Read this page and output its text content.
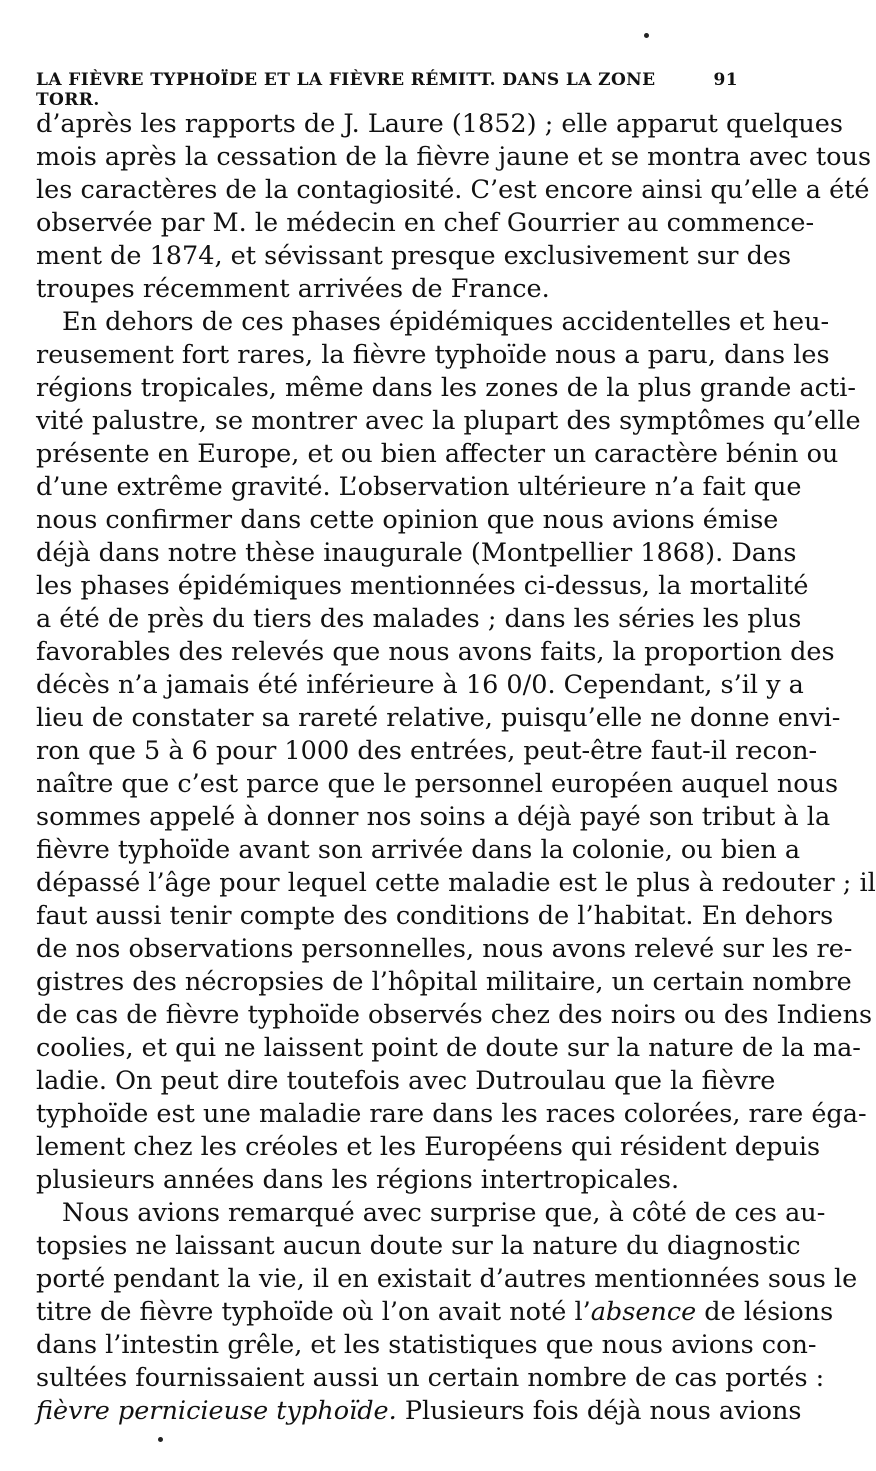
LA FIÈVRE TYPHOÏDE ET LA FIÈVRE RÉMITT. DANS LA ZONE TORR.
91
d’après les rapports de J. Laure (1852) ; elle apparut quelques
mois après la cessation de la fièvre jaune et se montra avec tous
les caractères de la contagiosité. C’est encore ainsi qu’elle a été
observée par M. le médecin en chef Gourrier au commence-
ment de 1874, et sévissant presque exclusivement sur des
troupes récemment arrivées de France.
En dehors de ces phases épidémiques accidentelles et heu-
reusement fort rares, la fièvre typhoïde nous a paru, dans les
régions tropicales, même dans les zones de la plus grande acti-
vité palustre, se montrer avec la plupart des symptômes qu’elle
présente en Europe, et ou bien affecter un caractère bénin ou
d’une extrême gravité. L’observation ultérieure n’a fait que
nous confirmer dans cette opinion que nous avions émise
déjà dans notre thèse inaugurale (Montpellier 1868). Dans
les phases épidémiques mentionnées ci-dessus, la mortalité
a été de près du tiers des malades ; dans les séries les plus
favorables des relevés que nous avons faits, la proportion des
décès n’a jamais été inférieure à 16 0/0. Cependant, s’il y a
lieu de constater sa rareté relative, puisqu’elle ne donne envi-
ron que 5 à 6 pour 1000 des entrées, peut-être faut-il recon-
naître que c’est parce que le personnel européen auquel nous
sommes appelé à donner nos soins a déjà payé son tribut à la
fièvre typhoïde avant son arrivée dans la colonie, ou bien a
dépassé l’âge pour lequel cette maladie est le plus à redouter ; il
faut aussi tenir compte des conditions de l’habitat. En dehors
de nos observations personnelles, nous avons relevé sur les re-
gistres des nécropsies de l’hôpital militaire, un certain nombre
de cas de fièvre typhoïde observés chez des noirs ou des Indiens
coolies, et qui ne laissent point de doute sur la nature de la ma-
ladie. On peut dire toutefois avec Dutroulau que la fièvre
typhoïde est une maladie rare dans les races colorées, rare éga-
lement chez les créoles et les Européens qui résident depuis
plusieurs années dans les régions intertropicales.
Nous avions remarqué avec surprise que, à côté de ces au-
topsies ne laissant aucun doute sur la nature du diagnostic
porté pendant la vie, il en existait d’autres mentionnées sous le
titre de fièvre typhoïde où l’on avait noté l’absence de lésions
dans l’intestin grêle, et les statistiques que nous avions con-
sultées fournissaient aussi un certain nombre de cas portés :
fièvre pernicieuse typhoïde. Plusieurs fois déjà nous avions
